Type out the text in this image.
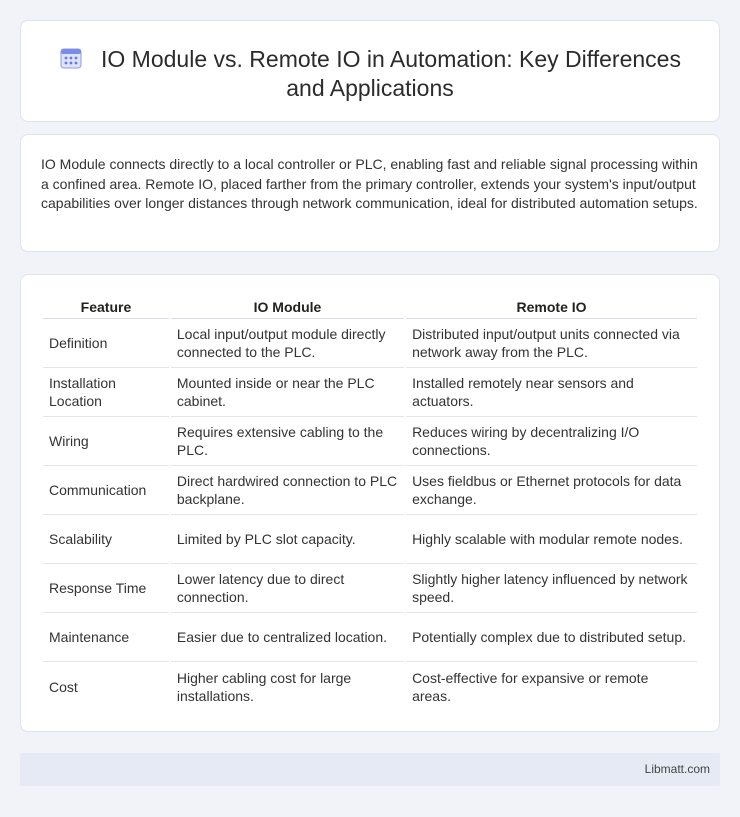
IO Module vs. Remote IO in Automation: Key Differences and Applications

IO Module connects directly to a local controller or PLC, enabling fast and reliable signal processing within a confined area. Remote IO, placed farther from the primary controller, extends your system's input/output capabilities over longer distances through network communication, ideal for distributed automation setups.

Feature	IO Module	Remote IO
Definition	Local input/output module directly connected to the PLC.	Distributed input/output units connected via network away from the PLC.
Installation Location	Mounted inside or near the PLC cabinet.	Installed remotely near sensors and actuators.
Wiring	Requires extensive cabling to the PLC.	Reduces wiring by decentralizing I/O connections.
Communication	Direct hardwired connection to PLC backplane.	Uses fieldbus or Ethernet protocols for data exchange.
Scalability	Limited by PLC slot capacity.	Highly scalable with modular remote nodes.
Response Time	Lower latency due to direct connection.	Slightly higher latency influenced by network speed.
Maintenance	Easier due to centralized location.	Potentially complex due to distributed setup.
Cost	Higher cabling cost for large installations.	Cost-effective for expansive or remote areas.
Libmatt.com
